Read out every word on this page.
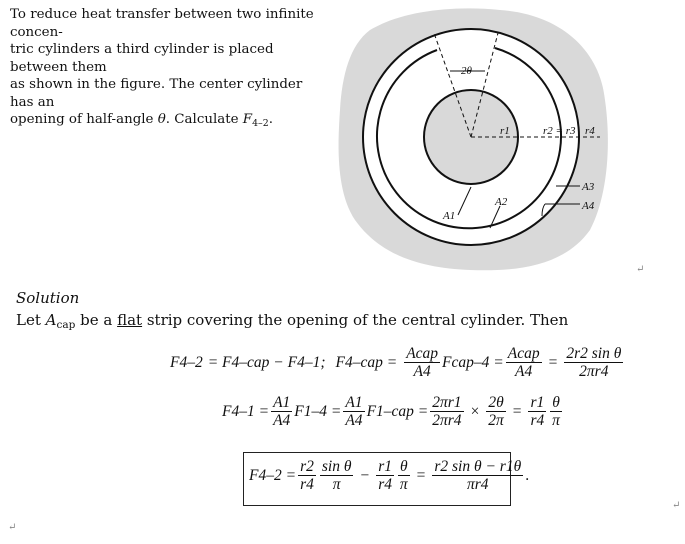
To reduce heat transfer between two infinite concen-
tric cylinders a third cylinder is placed between them
as shown in the figure. The center cylinder has an
opening of half-angle θ. Calculate $F_{4-2}$.
2θ
r1	r2 = r3 r4
A1
A2
A3
A4
↵
Solution
Let $A_{cap}$ be a flat strip covering the opening of the central cylinder. Then
F4–2 = F4–cap − F4–1; F4–cap = Acap
A4
Fcap–4 = Acap
A4
= $\frac{\text{2r2 sin θ}}{2\pi r4}$
$F4-1 = \frac{A1}{A4} F1-4 = \frac{A1}{A4} F1-cap = \frac{2\pi r1}{2\pi r4} \times \frac{2\theta}{2\pi} = \frac{r1}{r4}$ θ
π
$F4-2 = \frac{r2}{r4}$ sin θ
π
− $\frac{r1}{r4} \frac{\theta}{\pi} = \frac{\text{r2 sin θ − r1θ}}{\pi r4}$ .
↵
↵
